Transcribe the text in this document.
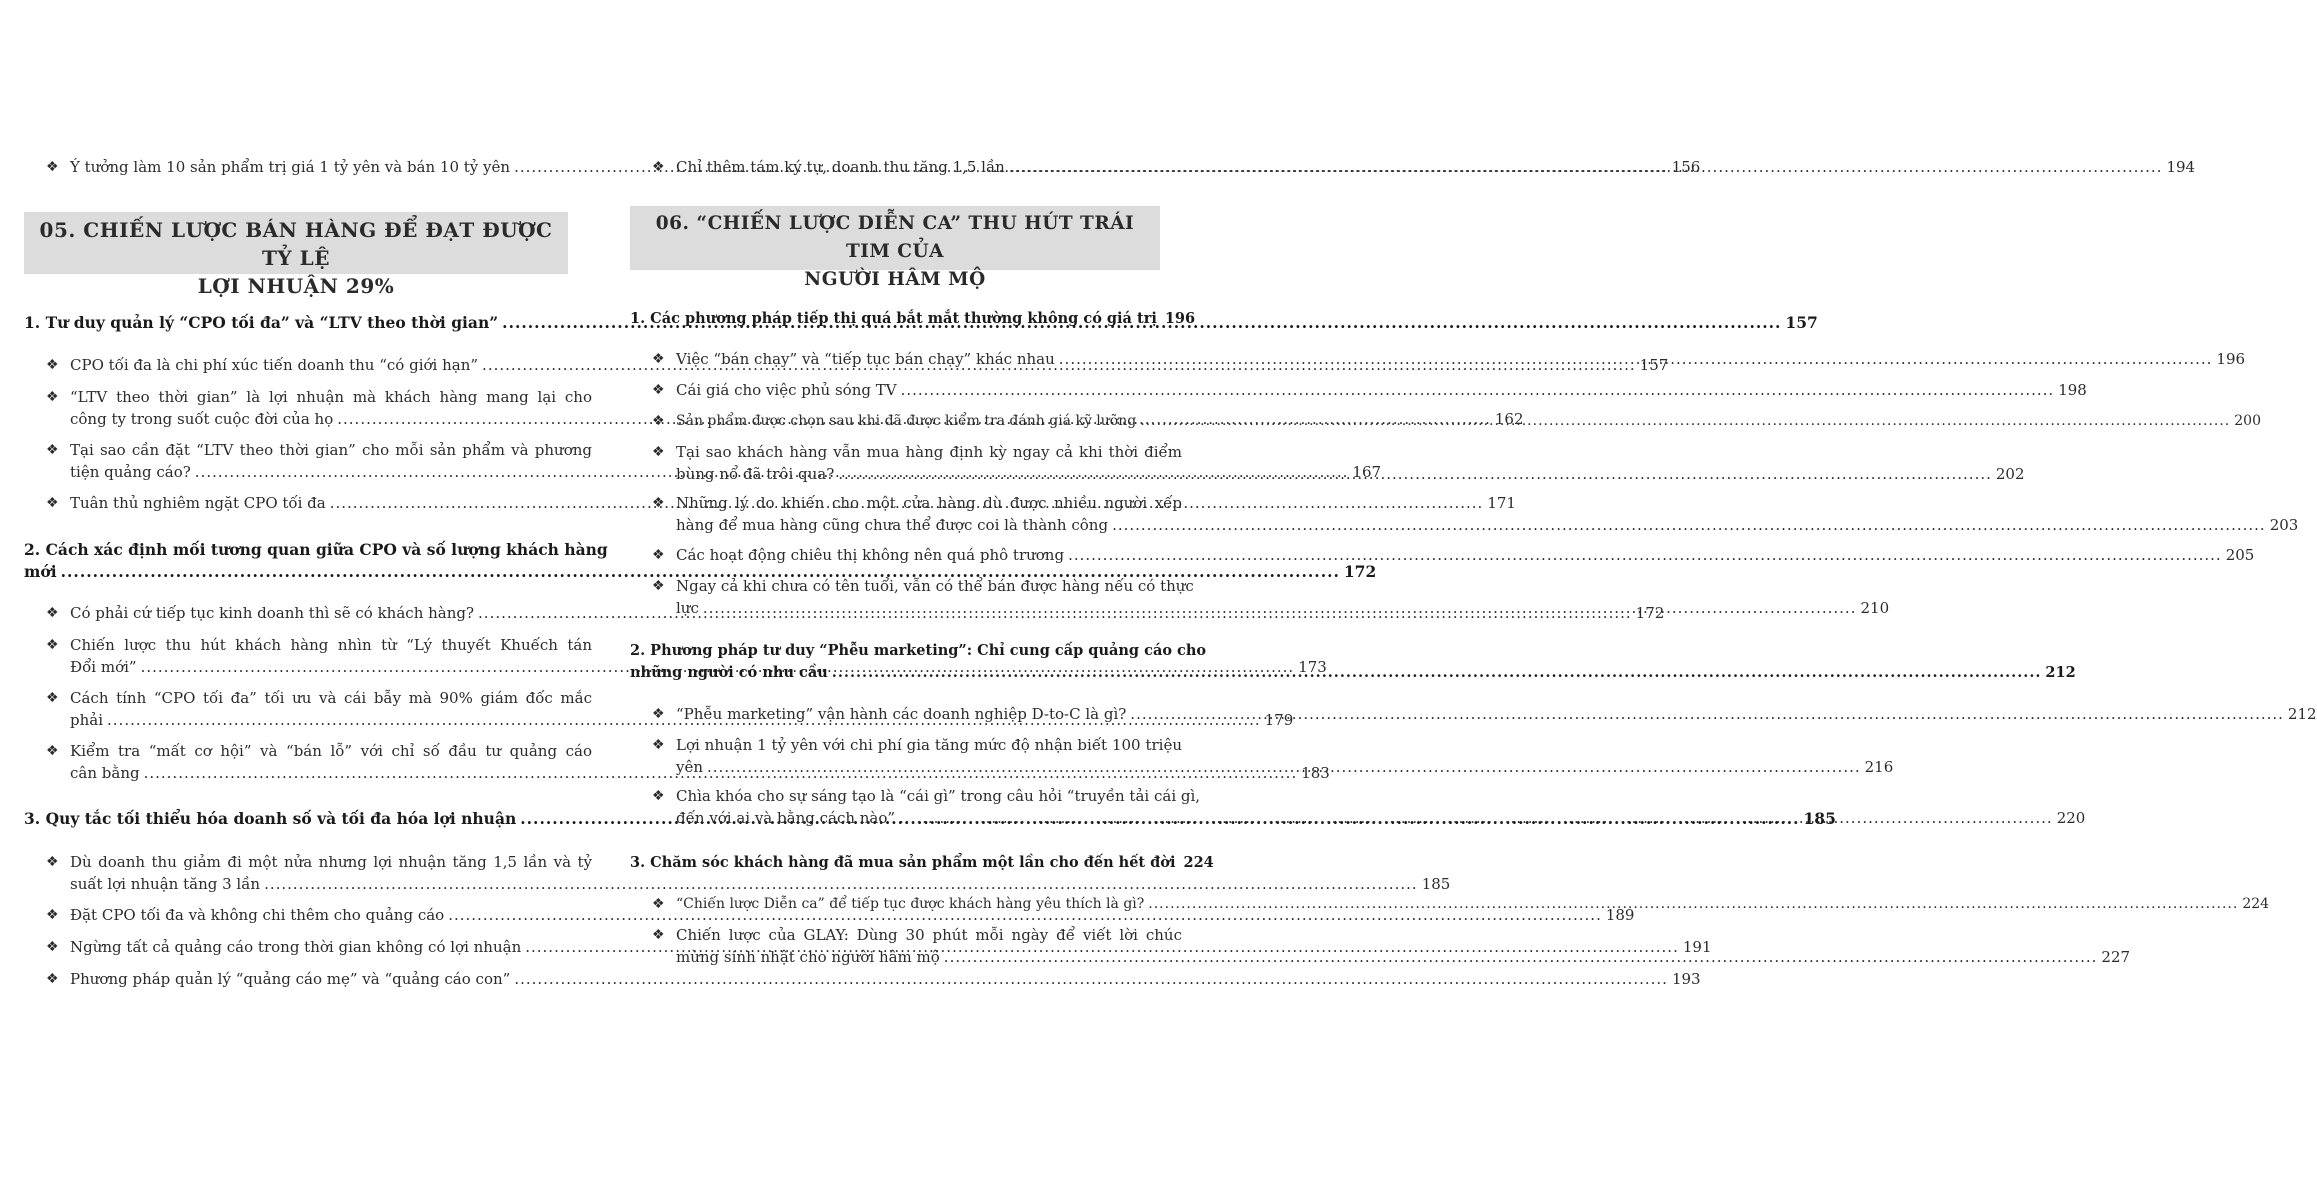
❖ Ý tưởng làm 10 sản phẩm trị giá 1 tỷ yên và bán 10 tỷ yên .....	156
05. CHIẾN LƯỢC BÁN HÀNG ĐỂ ĐẠT ĐƯỢC TỶ LỆ
LỢI NHUẬN 29%
1. Tư duy quản lý “CPO tối đa” và “LTV theo thời gian” .....	157
❖ CPO tối đa là chi phí xúc tiến doanh thu “có giới hạn” .....	157
❖ “LTV theo thời gian” là lợi nhuận mà khách hàng mang lại cho
công ty trong suốt cuộc đời của họ .....	162
❖ Tại sao cần đặt “LTV theo thời gian” cho mỗi sản phẩm và phương
tiện quảng cáo? .....	167
❖ Tuân thủ nghiêm ngặt CPO tối đa .....	171
2. Cách xác định mối tương quan giữa CPO và số lượng khách hàng
mới .....	172
❖ Có phải cứ tiếp tục kinh doanh thì sẽ có khách hàng? .....	172
❖ Chiến lược thu hút khách hàng nhìn từ “Lý thuyết Khuếch tán
Đổi mới” .....	173
❖ Cách tính “CPO tối đa” tối ưu và cái bẫy mà 90% giám đốc mắc
phải .....	179
❖ Kiểm tra “mất cơ hội” và “bán lỗ” với chỉ số đầu tư quảng cáo
cân bằng .....	183
3. Quy tắc tối thiểu hóa doanh số và tối đa hóa lợi nhuận .....	185
❖ Dù doanh thu giảm đi một nửa nhưng lợi nhuận tăng 1,5 lần và tỷ
suất lợi nhuận tăng 3 lần .....	185
❖ Đặt CPO tối đa và không chi thêm cho quảng cáo .....	189
❖ Ngừng tất cả quảng cáo trong thời gian không có lợi nhuận .....	191
❖ Phương pháp quản lý “quảng cáo mẹ” và “quảng cáo con” .....	193
❖ Chỉ thêm tám ký tự, doanh thu tăng 1,5 lần .....	194
06. “CHIẾN LƯỢC DIỄN CA” THU HÚT TRÁI TIM CỦA
NGƯỜI HÂM MỘ
1. Các phương pháp tiếp thị quá bắt mắt thường không có giá trị 196
❖ Việc “bán chạy” và “tiếp tục bán chạy” khác nhau .....	196
❖ Cái giá cho việc phủ sóng TV .....	198
❖ Sản phẩm được chọn sau khi đã được kiểm tra đánh giá kỹ lưỡng .....	200
❖ Tại sao khách hàng vẫn mua hàng định kỳ ngay cả khi thời điểm
bùng nổ đã trôi qua? .....	202
❖ Những lý do khiến cho một cửa hàng dù được nhiều người xếp
hàng để mua hàng cũng chưa thể được coi là thành công .....	203
❖ Các hoạt động chiêu thị không nên quá phô trương .....	205
❖ Ngay cả khi chưa có tên tuổi, vẫn có thể bán được hàng nếu có thực
lực .....	210
2. Phương pháp tư duy “Phễu marketing”: Chỉ cung cấp quảng cáo cho
những người có nhu cầu .....	212
❖ “Phễu marketing” vận hành các doanh nghiệp D-to-C là gì? .....	212
❖ Lợi nhuận 1 tỷ yên với chi phí gia tăng mức độ nhận biết 100 triệu
yên .....	216
❖ Chìa khóa cho sự sáng tạo là “cái gì” trong câu hỏi “truyền tải cái gì,
đến với ai và bằng cách nào” .....	220
3. Chăm sóc khách hàng đã mua sản phẩm một lần cho đến hết đời 224
❖ “Chiến lược Diễn ca” để tiếp tục được khách hàng yêu thích là gì? .....	224
❖ Chiến lược của GLAY: Dùng 30 phút mỗi ngày để viết lời chúc
mừng sinh nhật cho người hâm mộ .....	227
